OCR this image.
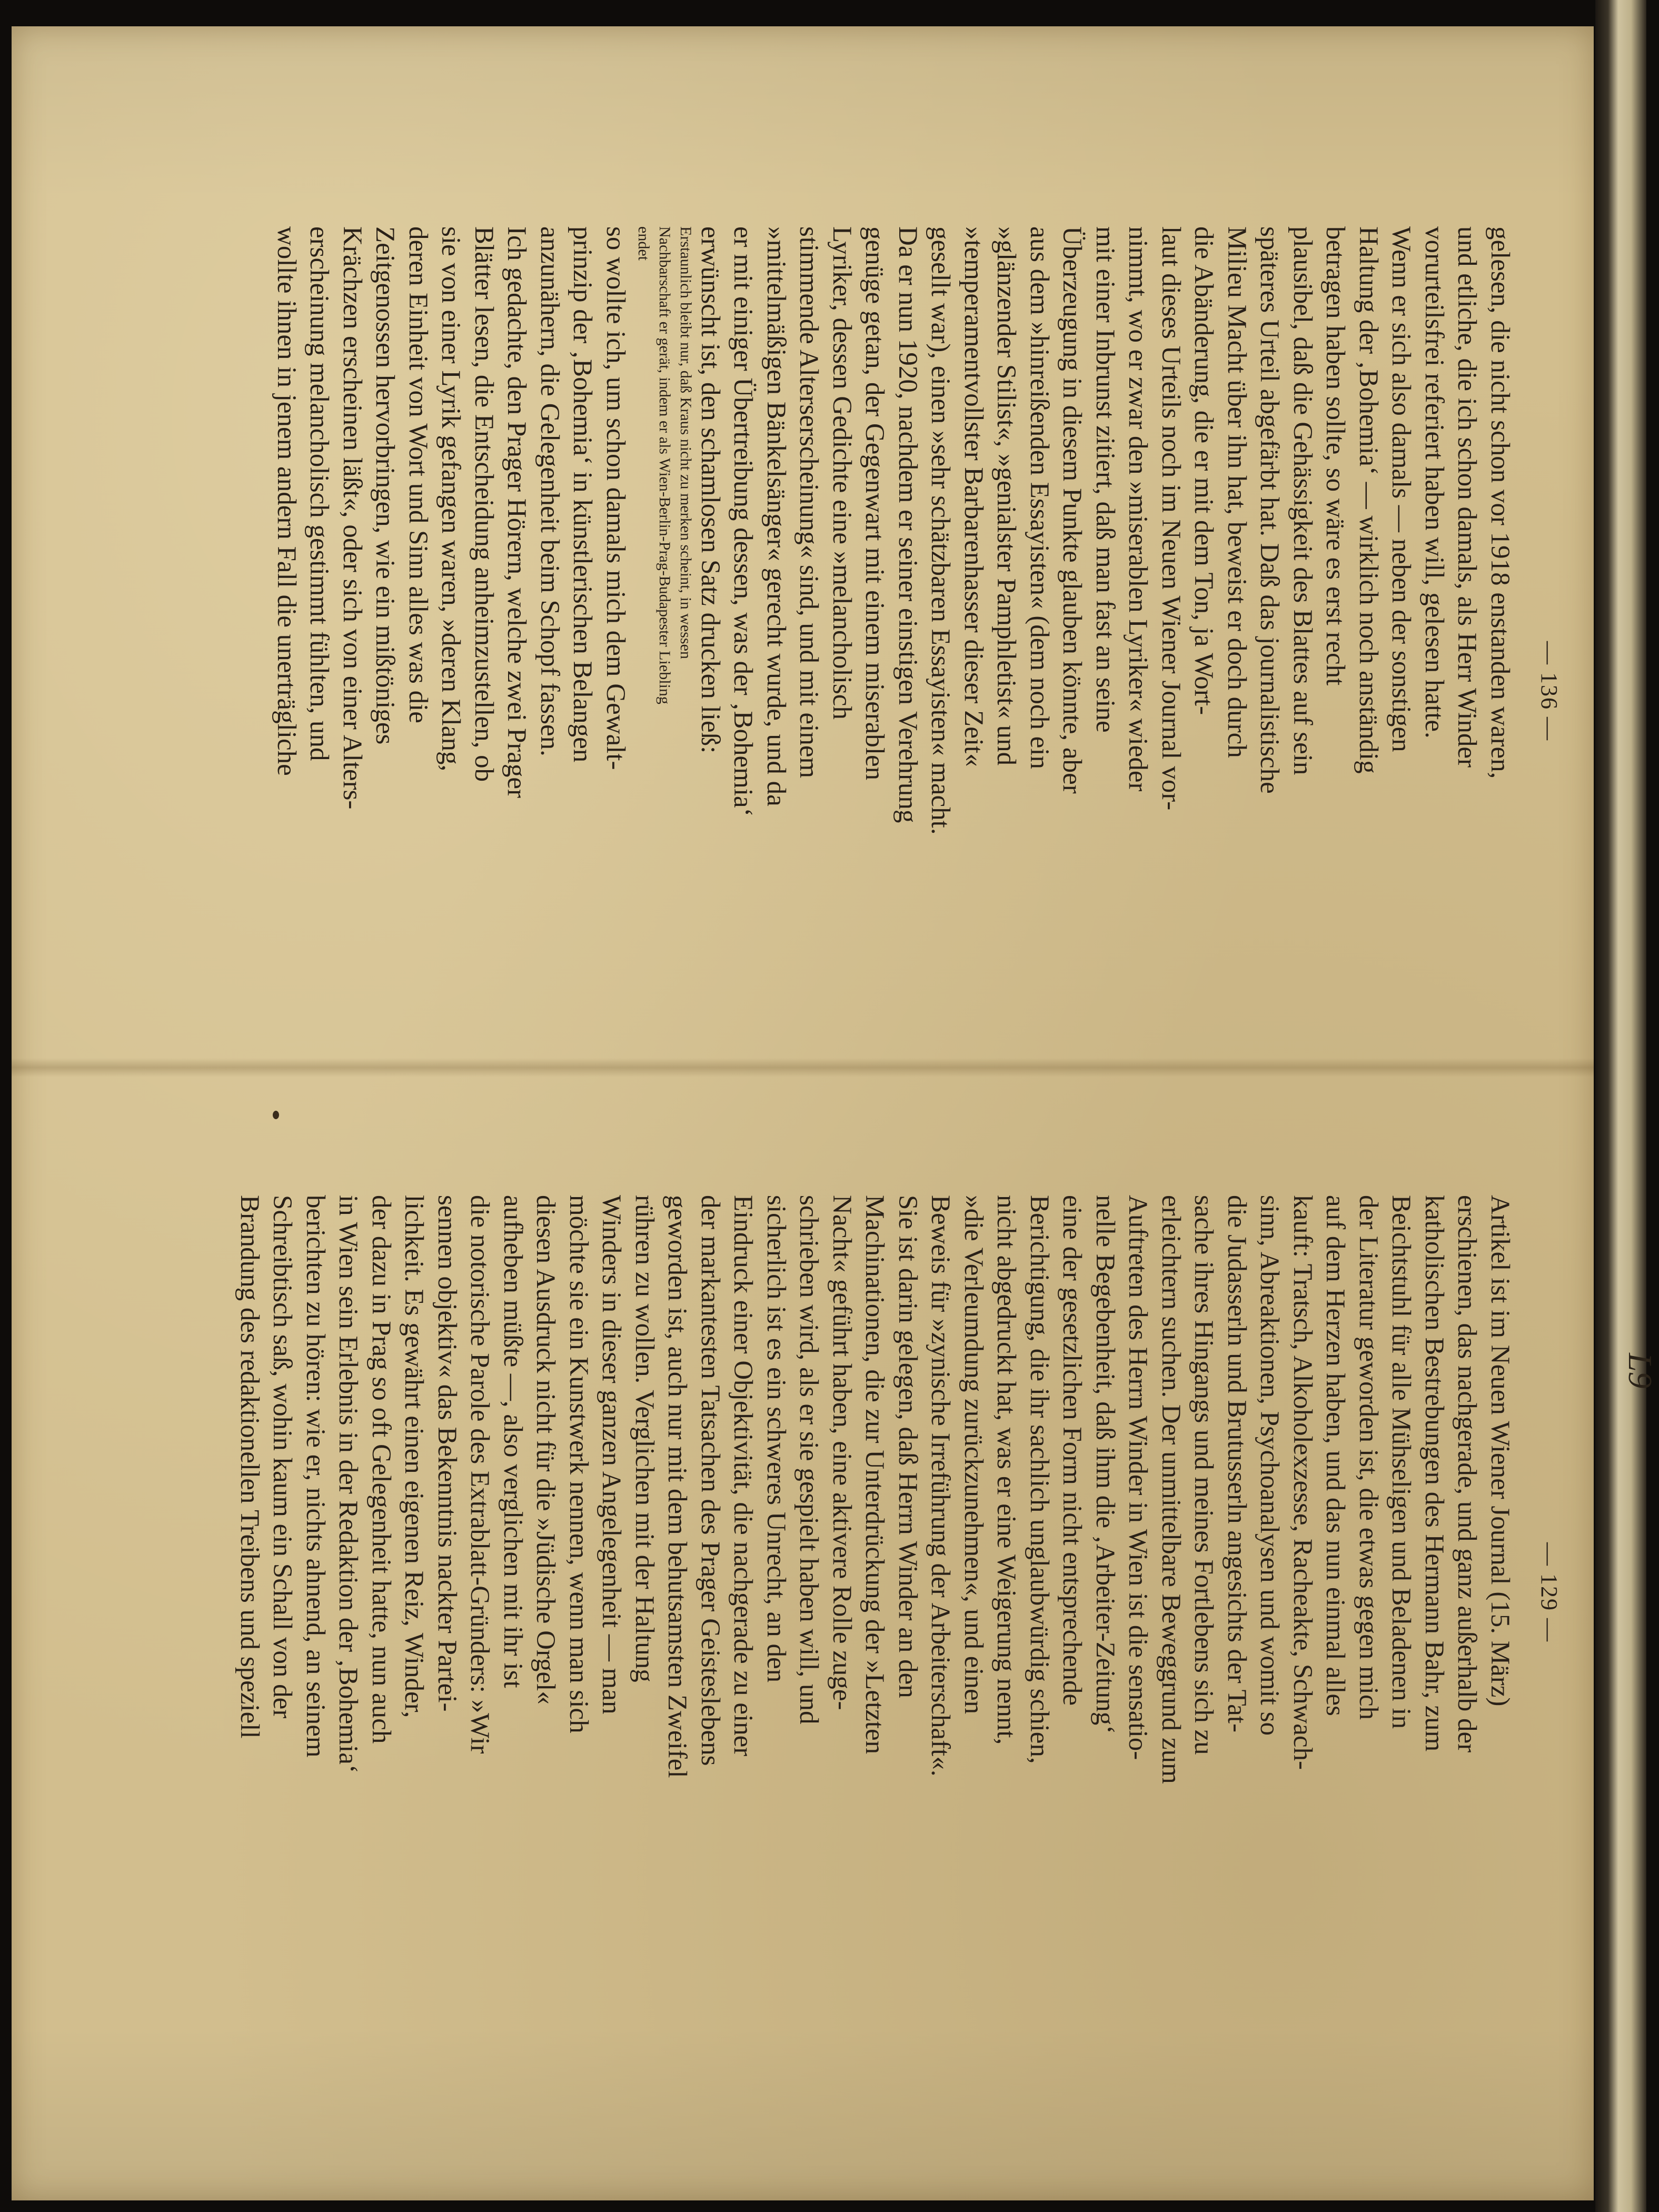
L9
— 136 —

gelesen, die nicht schon vor 1918 enstanden waren,
und etliche, die ich schon damals, als Herr Winder
vorurteilsfrei referiert haben will, gelesen hatte.
Wenn er sich also damals — neben der sonstigen
Haltung der ‚Bohemia‘ — wirklich noch anständig
betragen haben sollte, so wäre es erst recht
plausibel, daß die Gehässigkeit des Blattes auf sein
späteres Urteil abgefärbt hat. Daß das journalistische
Milieu Macht über ihn hat, beweist er doch durch
die Abänderung, die er mit dem Ton, ja Wort-
laut dieses Urteils noch im Neuen Wiener Journal vor-
nimmt, wo er zwar den »miserablen Lyriker« wieder
mit einer Inbrunst zitiert, daß man fast an seine
Überzeugung in diesem Punkte glauben könnte, aber
aus dem »hinreißenden Essayisten« (dem noch ein
»glänzender Stilist«, »genialster Pamphletist« und
»temperamentvollster Barbarenhasser dieser Zeit«
gesellt war), einen »sehr schätzbaren Essayisten« macht.
Da er nun 1920, nachdem er seiner einstigen Verehrung
genüge getan, der Gegenwart mit einem miserablen
Lyriker, dessen Gedichte eine »melancholisch
stimmende Alterserscheinung« sind, und mit einem
»mittelmäßigen Bänkelsänger« gerecht wurde, und da
er mit einiger Übertreibung dessen, was der ‚Bohemia‘
erwünscht ist, den schamlosen Satz drucken ließ:

Erstaunlich bleibt nur, daß Kraus nicht zu merken scheint, in wessen
Nachbarschaft er gerät, indem er als Wien-Berlin-Prag-Budapester Liebling
endet

so wollte ich, um schon damals mich dem Gewalt-
prinzip der ‚Bohemia‘ in künstlerischen Belangen
anzunähern, die Gelegenheit beim Schopf fassen.
Ich gedachte, den Prager Hörern, welche zwei Prager
Blätter lesen, die Entscheidung anheimzustellen, ob
sie von einer Lyrik gefangen waren, »deren Klang,
deren Einheit von Wort und Sinn alles was die
Zeitgenossen hervorbringen, wie ein mißtöniges
Krächzen erscheinen läßt«, oder sich von einer Alters-
erscheinung melancholisch gestimmt fühlten, und
wollte ihnen in jenem andern Fall die unerträgliche

— 129 —

Artikel ist im Neuen Wiener Journal (15. März)
erschienen, das nachgerade, und ganz außerhalb der
katholischen Bestrebungen des Hermann Bahr, zum
Beichtstuhl für alle Mühseligen und Beladenen in
der Literatur geworden ist, die etwas gegen mich
auf dem Herzen haben, und das nun einmal alles
kauft: Tratsch, Alkoholexzesse, Racheakte, Schwach-
sinn, Abreaktionen, Psychoanalysen und womit so
die Judasserln und Brutusserln angesichts der Tat-
sache ihres Hingangs und meines Fortlebens sich zu
erleichtern suchen. Der unmittelbare Beweggrund zum
Auftreten des Herrn Winder in Wien ist die sensatio-
nelle Begebenheit, daß ihm die ‚Arbeiter-Zeitung‘
eine der gesetzlichen Form nicht entsprechende
Berichtigung, die ihr sachlich unglaubwürdig schien,
nicht abgedruckt hat, was er eine Weigerung nennt,
»die Verleumdung zurückzunehmen«, und einen
Beweis für »zynische Irreführung der Arbeiterschaft«.
Sie ist darin gelegen, daß Herrn Winder an den
Machinationen, die zur Unterdrückung der »Letzten
Nacht« geführt haben, eine aktivere Rolle zuge-
schrieben wird, als er sie gespielt haben will, und
sicherlich ist es ein schweres Unrecht, an den
Eindruck einer Objektivität, die nachgerade zu einer
der markantesten Tatsachen des Prager Geisteslebens
geworden ist, auch nur mit dem behutsamsten Zweifel
rühren zu wollen. Verglichen mit der Haltung
Winders in dieser ganzen Angelegenheit — man
möchte sie ein Kunstwerk nennen, wenn man sich
diesen Ausdruck nicht für die »Jüdische Orgel«
aufheben müßte —, also verglichen mit ihr ist
die notorische Parole des Extrablatt-Gründers: »Wir
sennen objektiv« das Bekenntnis nackter Partei-
lichkeit. Es gewährt einen eigenen Reiz, Winder,
der dazu in Prag so oft Gelegenheit hatte, nun auch
in Wien sein Erlebnis in der Redaktion der ‚Bohemia‘
berichten zu hören: wie er, nichts ahnend, an seinem
Schreibtisch saß, wohin kaum ein Schall von der
Brandung des redaktionellen Treibens und speziell
